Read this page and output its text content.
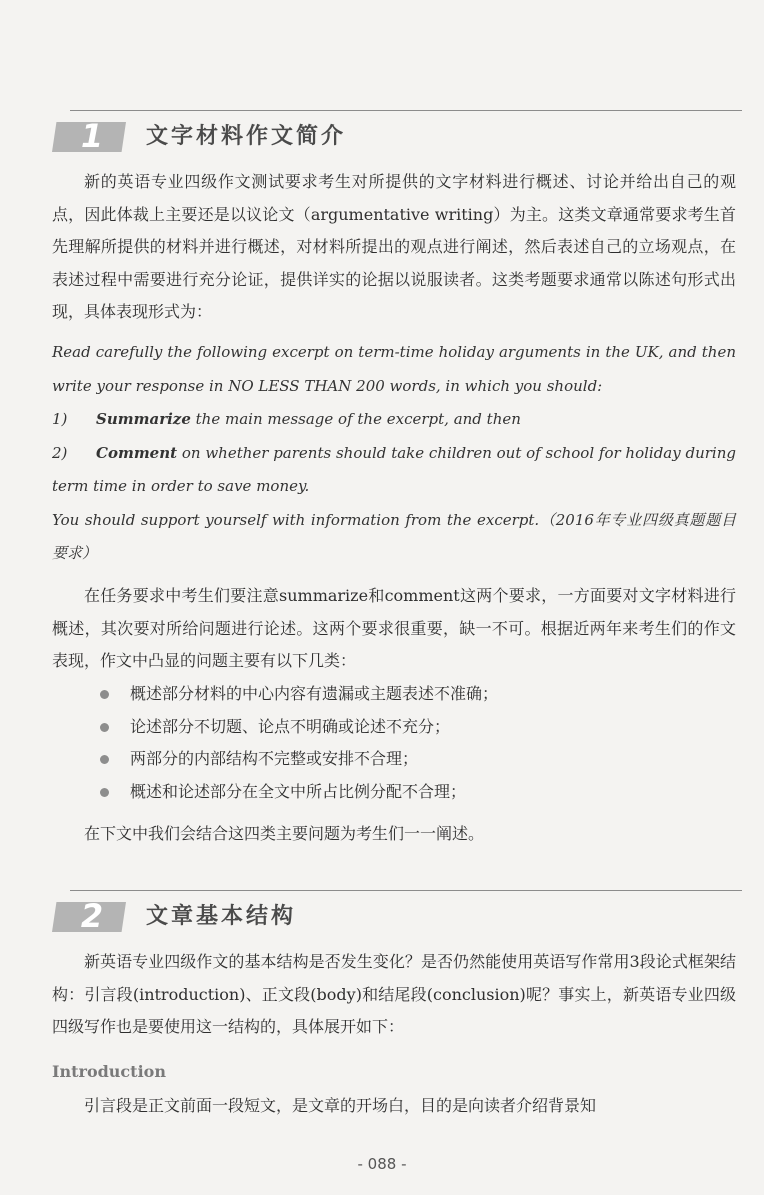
1	文字材料作文简介

新的英语专业四级作文测试要求考生对所提供的文字材料进行概述、讨论并给出自己的观点，因此体裁上主要还是以议论文（argumentative writing）为主。这类文章通常要求考生首先理解所提供的材料并进行概述，对材料所提出的观点进行阐述，然后表述自己的立场观点，在表述过程中需要进行充分论证，提供详实的论据以说服读者。这类考题要求通常以陈述句形式出现，具体表现形式为：

Read carefully the following excerpt on term-time holiday arguments in the UK, and then write your response in NO LESS THAN 200 words, in which you should:
1) Summarize the main message of the excerpt, and then
2) Comment on whether parents should take children out of school for holiday during term time in order to save money.
You should support yourself with information from the excerpt.（2016年专业四级真题题目要求）

在任务要求中考生们要注意summarize和comment这两个要求，一方面要对文字材料进行概述，其次要对所给问题进行论述。这两个要求很重要，缺一不可。根据近两年来考生们的作文表现，作文中凸显的问题主要有以下几类：

概述部分材料的中心内容有遗漏或主题表述不准确；
论述部分不切题、论点不明确或论述不充分；
两部分的内部结构不完整或安排不合理；
概述和论述部分在全文中所占比例分配不合理；

在下文中我们会结合这四类主要问题为考生们一一阐述。

2	文章基本结构

新英语专业四级作文的基本结构是否发生变化？是否仍然能使用英语写作常用3段论式框架结构：引言段(introduction)、正文段(body)和结尾段(conclusion)呢？事实上，新英语专业四级四级写作也是要使用这一结构的，具体展开如下：

Introduction

引言段是正文前面一段短文，是文章的开场白，目的是向读者介绍背景知

- 088 -
